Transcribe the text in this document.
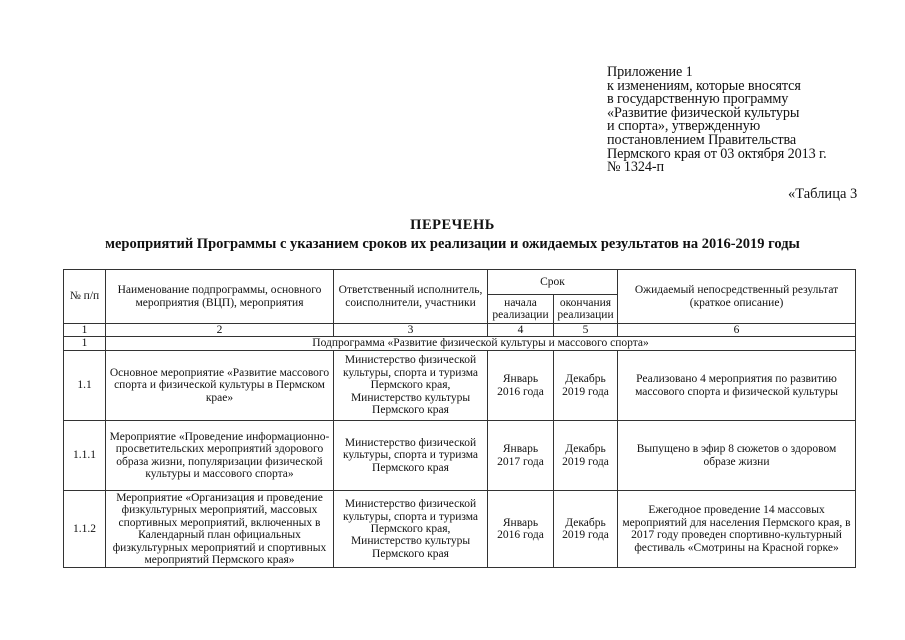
Приложение 1
к изменениям, которые вносятся
в государственную программу
«Развитие физической культуры
и спорта», утвержденную
постановлением Правительства
Пермского края от 03 октября 2013 г.
№ 1324-п
«Таблица 3
ПЕРЕЧЕНЬ
мероприятий Программы с указанием сроков их реализации и ожидаемых результатов на 2016-2019 годы
№ п/п	Наименование подпрограммы, основного мероприятия (ВЦП), мероприятия	Ответственный исполнитель, соисполнители, участники	Срок		Ожидаемый непосредственный результат (краткое описание)
			начала реализации	окончания реализации	
1	2	3	4	5	6
1	Подпрограмма «Развитие физической культуры и массового спорта»				
1.1	Основное мероприятие «Развитие массового спорта и физической культуры в Пермском крае»	Министерство физической культуры, спорта и туризма Пермского края, Министерство культуры Пермского края	Январь 2016 года	Декабрь 2019 года	Реализовано 4 мероприятия по развитию массового спорта и физической культуры
1.1.1	Мероприятие «Проведение информационно-просветительских мероприятий здорового образа жизни, популяризации физической культуры и массового спорта»	Министерство физической культуры, спорта и туризма Пермского края	Январь 2017 года	Декабрь 2019 года	Выпущено в эфир 8 сюжетов о здоровом образе жизни
1.1.2	Мероприятие «Организация и проведение физкультурных мероприятий, массовых спортивных мероприятий, включенных в Календарный план официальных физкультурных мероприятий и спортивных мероприятий Пермского края»	Министерство физической культуры, спорта и туризма Пермского края, Министерство культуры Пермского края	Январь 2016 года	Декабрь 2019 года	Ежегодное проведение 14 массовых мероприятий для населения Пермского края, в 2017 году проведен спортивно-культурный фестиваль «Смотрины на Красной горке»
